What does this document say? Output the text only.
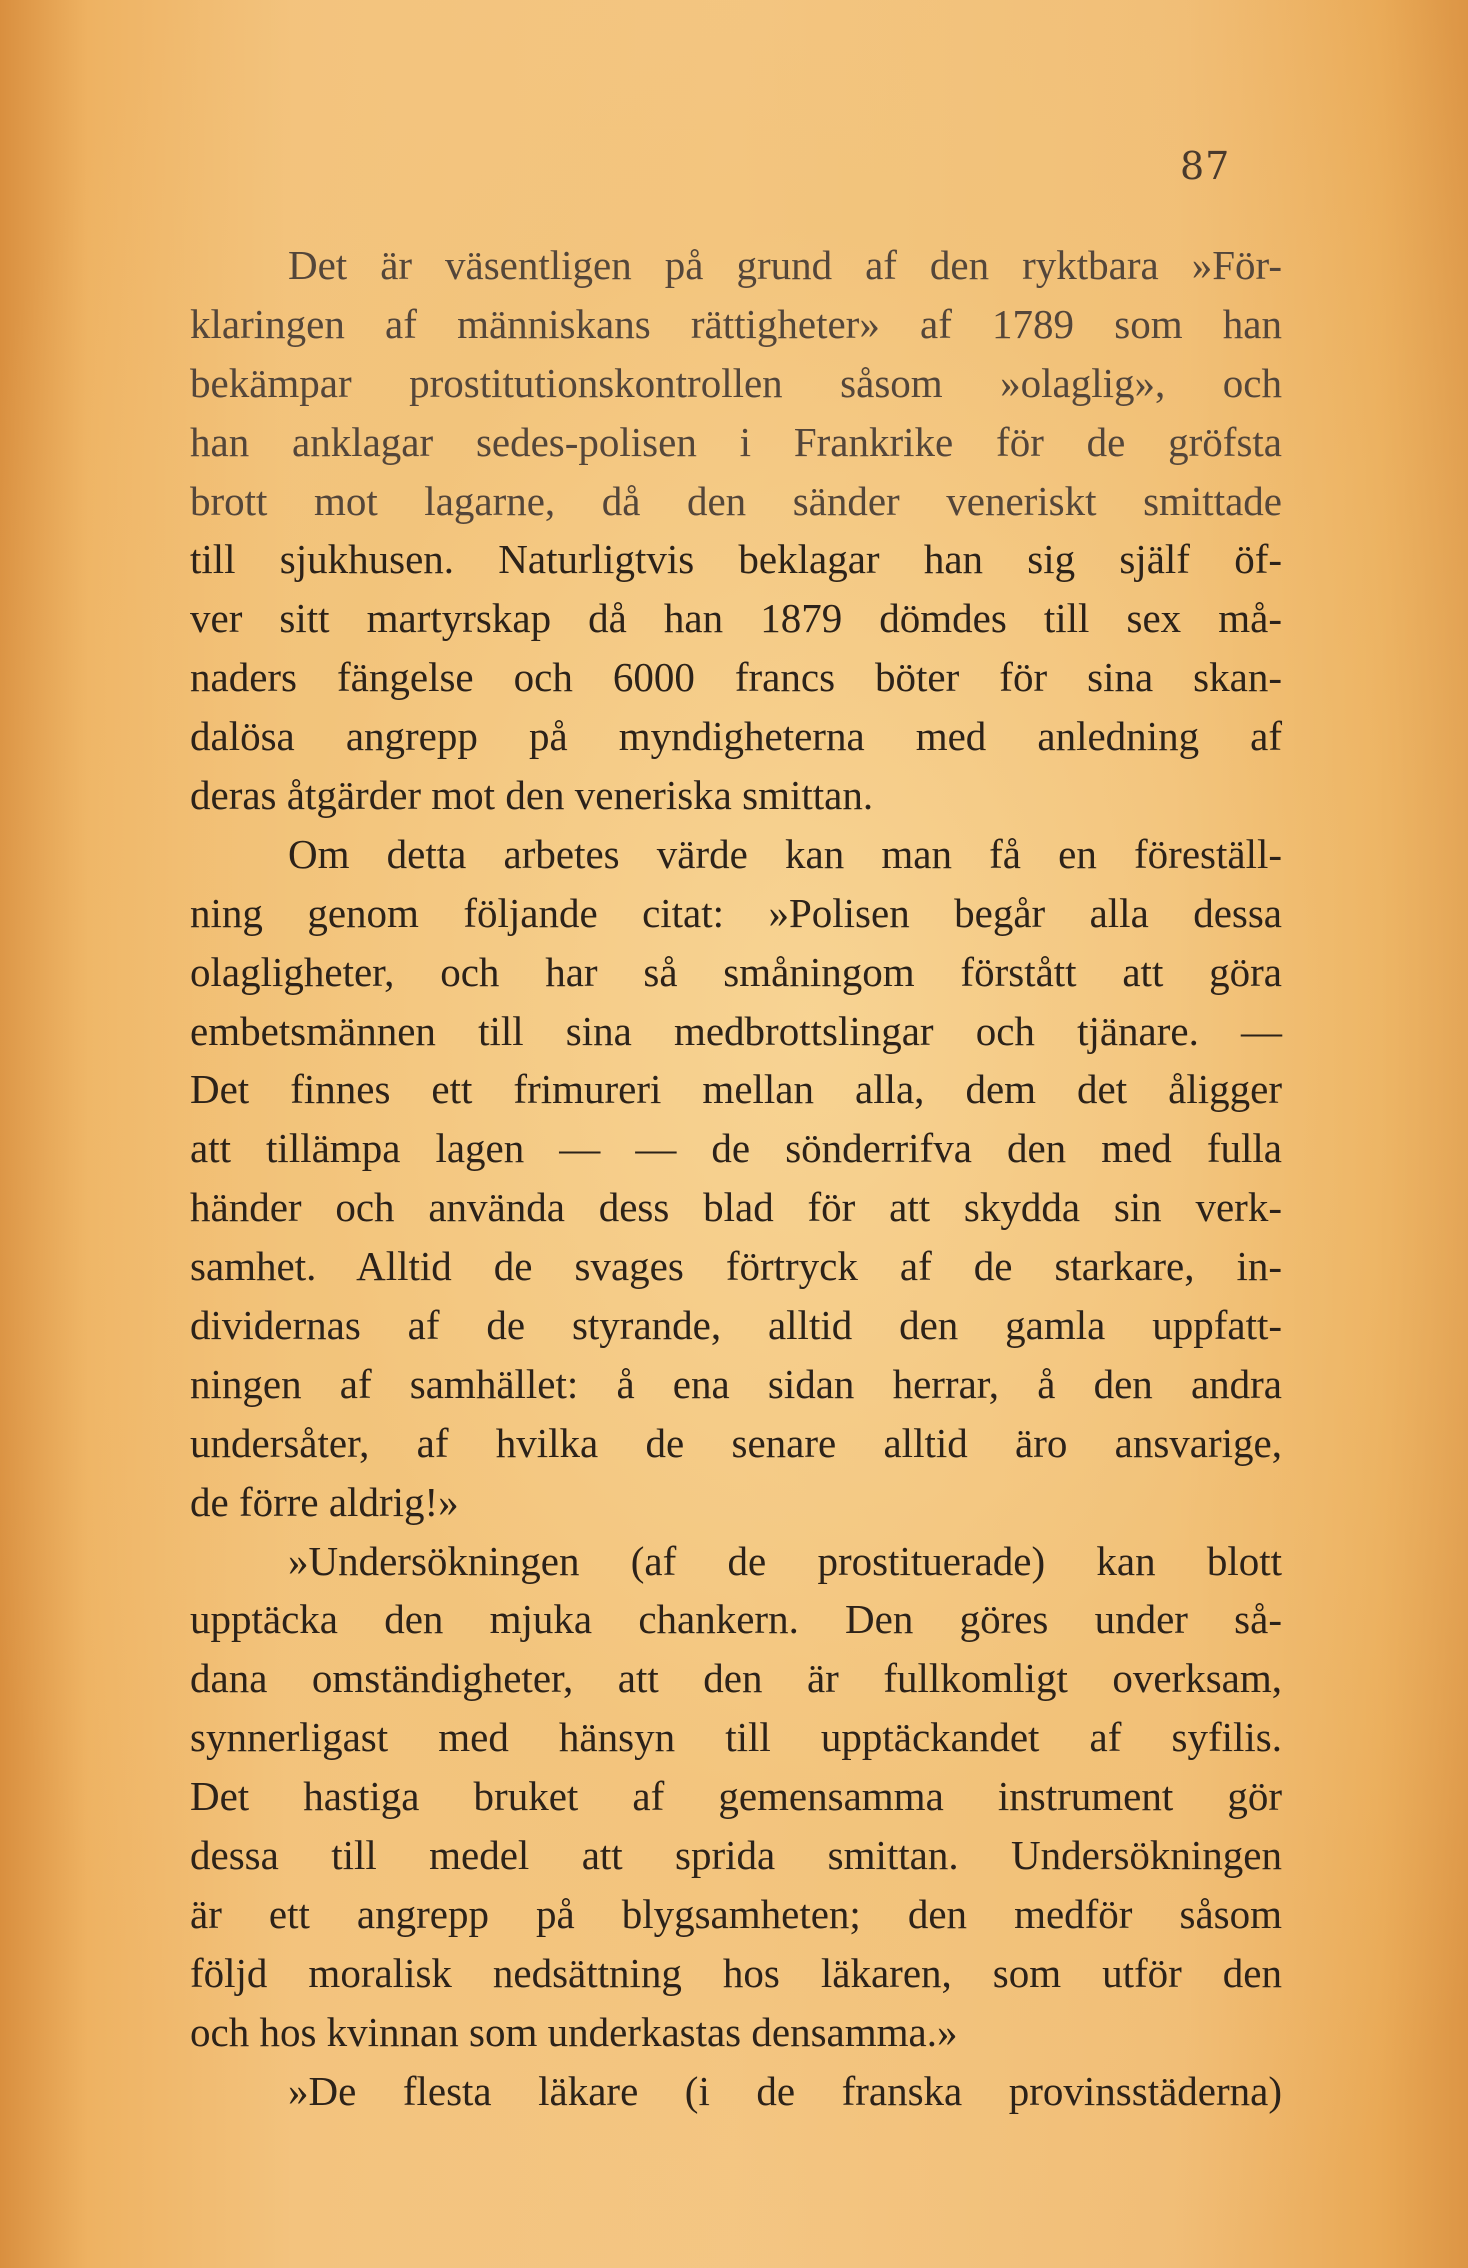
87
Det är väsentligen på grund af den ryktbara »För-
klaringen af människans rättigheter» af 1789 som han
bekämpar prostitutionskontrollen såsom »olaglig», och
han anklagar sedes-polisen i Frankrike för de gröfsta
brott mot lagarne, då den sänder veneriskt smittade
till sjukhusen. Naturligtvis beklagar han sig själf öf-
ver sitt martyrskap då han 1879 dömdes till sex må-
naders fängelse och 6000 francs böter för sina skan-
dalösa angrepp på myndigheterna med anledning af
deras åtgärder mot den veneriska smittan.
Om detta arbetes värde kan man få en föreställ-
ning genom följande citat: »Polisen begår alla dessa
olagligheter, och har så småningom förstått att göra
embetsmännen till sina medbrottslingar och tjänare. —
Det finnes ett frimureri mellan alla, dem det åligger
att tillämpa lagen — — de sönderrifva den med fulla
händer och använda dess blad för att skydda sin verk-
samhet. Alltid de svages förtryck af de starkare, in-
dividernas af de styrande, alltid den gamla uppfatt-
ningen af samhället: å ena sidan herrar, å den andra
undersåter, af hvilka de senare alltid äro ansvarige,
de förre aldrig!»
»Undersökningen (af de prostituerade) kan blott
upptäcka den mjuka chankern. Den göres under så-
dana omständigheter, att den är fullkomligt overksam,
synnerligast med hänsyn till upptäckandet af syfilis.
Det hastiga bruket af gemensamma instrument gör
dessa till medel att sprida smittan. Undersökningen
är ett angrepp på blygsamheten; den medför såsom
följd moralisk nedsättning hos läkaren, som utför den
och hos kvinnan som underkastas densamma.»
»De flesta läkare (i de franska provinsstäderna)
